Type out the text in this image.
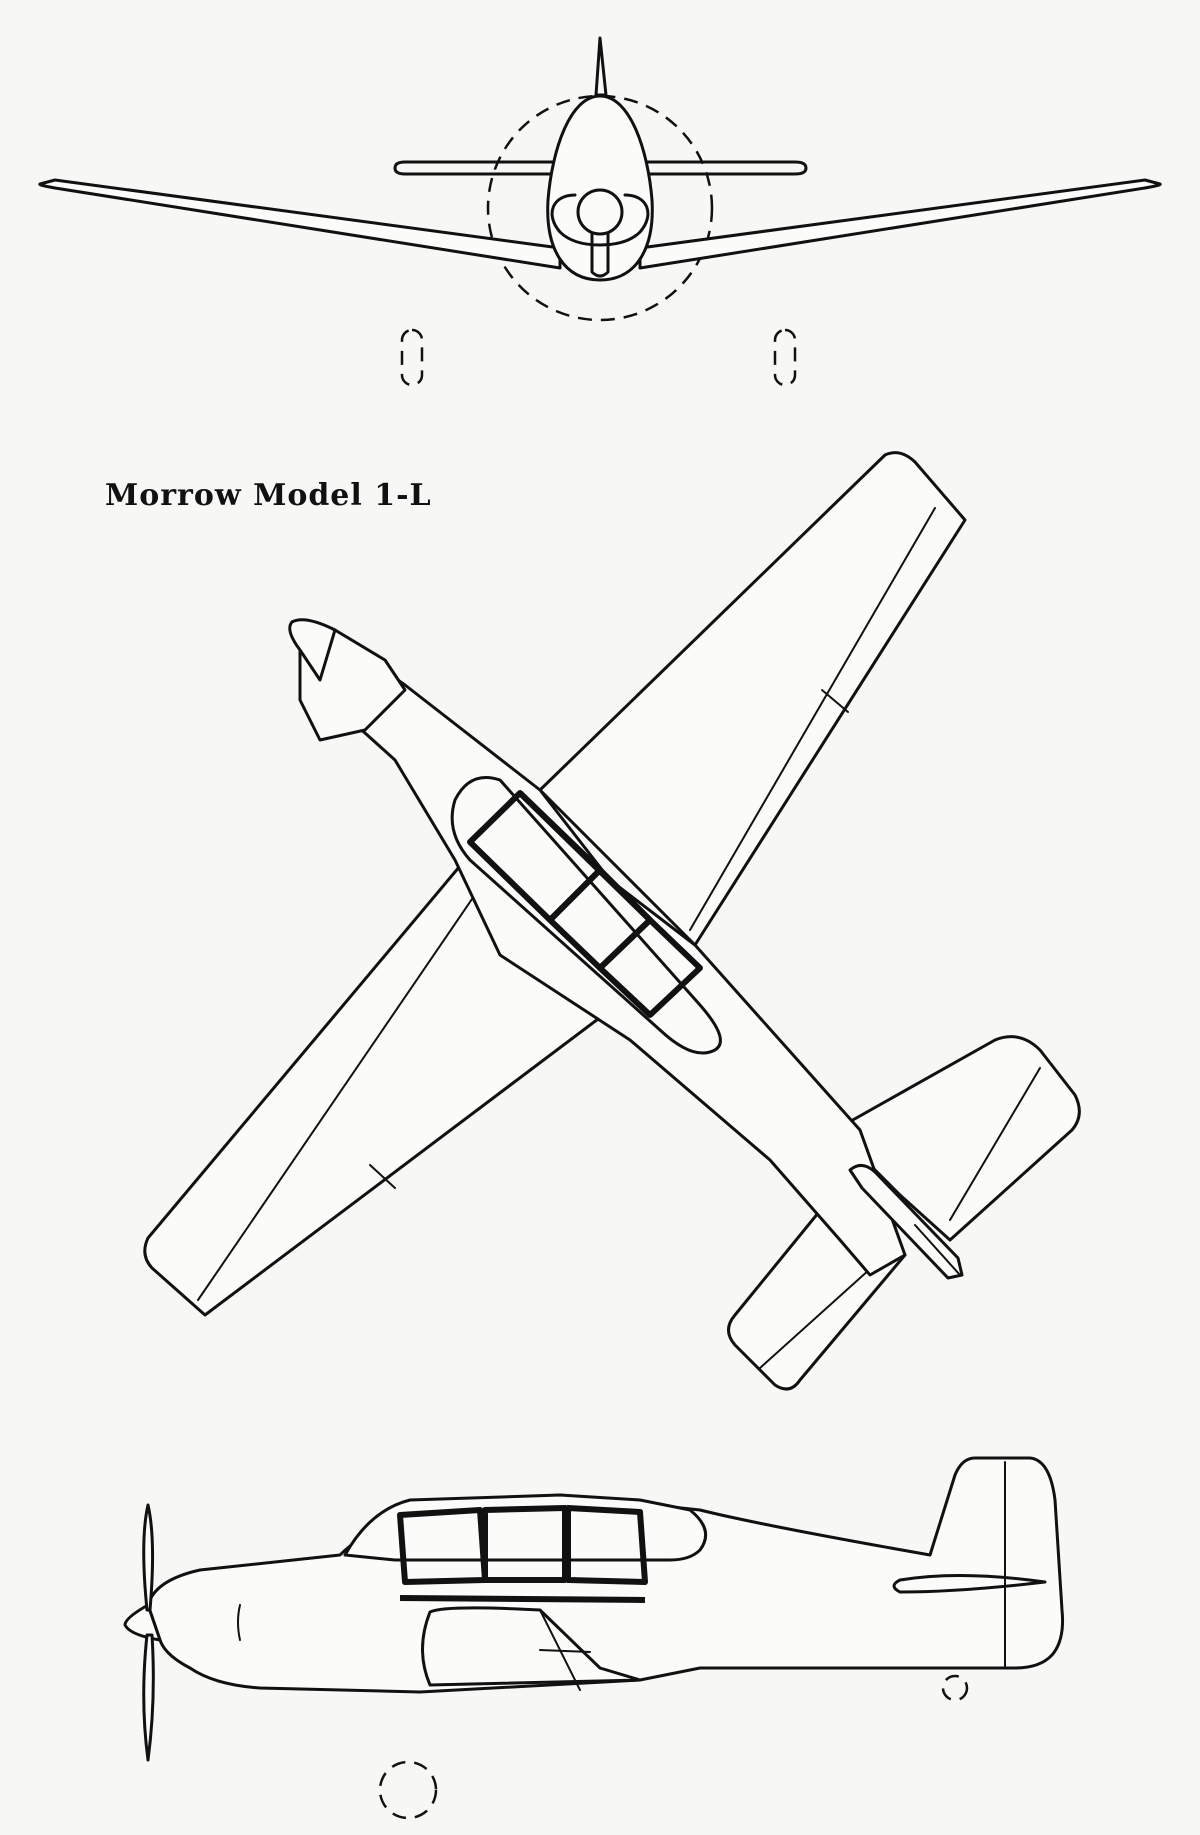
Morrow Model 1-L
